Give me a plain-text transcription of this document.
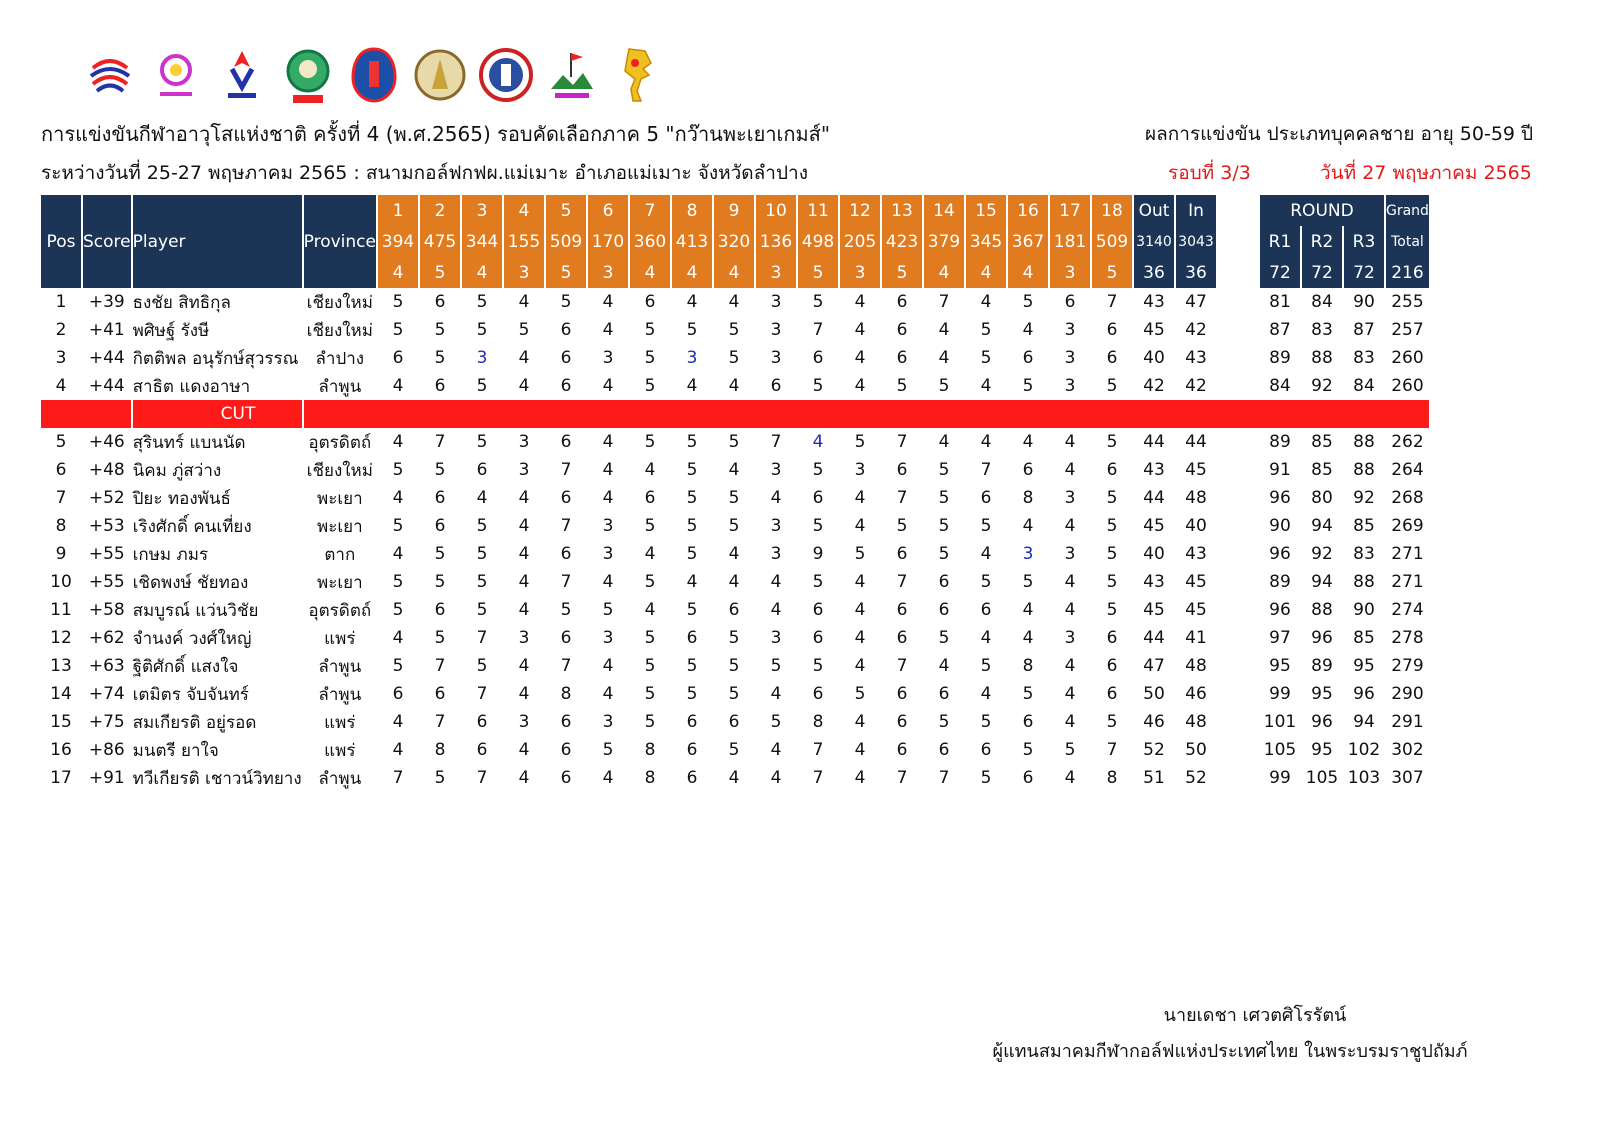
การแข่งขันกีฬาอาวุโสแห่งชาติ ครั้งที่ 4 (พ.ศ.2565) รอบคัดเลือกภาค 5 "กว๊านพะเยาเกมส์"	ผลการแข่งขัน ประเภทบุคคลชาย อายุ 50-59 ปี
ระหว่างวันที่ 25-27 พฤษภาคม 2565 : สนามกอล์ฟกฟผ.แม่เมาะ อำเภอแม่เมาะ จังหวัดลำปาง	รอบที่ 3/3	วันที่ 27 พฤษภาคม 2565
Pos	Score	Player	Province	1	2	3	4	5	6	7	8	9	10	11	12	13	14	15	16	17	18	Out	In		ROUND			Grand
				394	475	344	155	509	170	360	413	320	136	498	205	423	379	345	367	181	509	3140	3043		R1	R2	R3	Total
				4	5	4	3	5	3	4	4	4	3	5	3	5	4	4	4	3	5	36	36		72	72	72	216
1	+39	ธงชัย สิทธิกุล	เชียงใหม่	5	6	5	4	5	4	6	4	4	3	5	4	6	7	4	5	6	7	43	47		81	84	90	255
2	+41	พศิษฐ์ รังษี	เชียงใหม่	5	5	5	5	6	4	5	5	5	3	7	4	6	4	5	4	3	6	45	42		87	83	87	257
3	+44	กิตติพล อนุรักษ์สุวรรณ	ลำปาง	6	5	3	4	6	3	5	3	5	3	6	4	6	4	5	6	3	6	40	43		89	88	83	260
4	+44	สาธิต แดงอาษา	ลำพูน	4	6	5	4	6	4	5	4	4	6	5	4	5	5	4	5	3	5	42	42		84	92	84	260
		CUT																										
5	+46	สุรินทร์ แบนนัด	อุตรดิตถ์	4	7	5	3	6	4	5	5	5	7	4	5	7	4	4	4	4	5	44	44		89	85	88	262
6	+48	นิคม ภู่สว่าง	เชียงใหม่	5	5	6	3	7	4	4	5	4	3	5	3	6	5	7	6	4	6	43	45		91	85	88	264
7	+52	ปิยะ ทองพันธ์	พะเยา	4	6	4	4	6	4	6	5	5	4	6	4	7	5	6	8	3	5	44	48		96	80	92	268
8	+53	เริงศักดิ์ คนเที่ยง	พะเยา	5	6	5	4	7	3	5	5	5	3	5	4	5	5	5	4	4	5	45	40		90	94	85	269
9	+55	เกษม ภมร	ตาก	4	5	5	4	6	3	4	5	4	3	9	5	6	5	4	3	3	5	40	43		96	92	83	271
10	+55	เชิดพงษ์ ชัยทอง	พะเยา	5	5	5	4	7	4	5	4	4	4	5	4	7	6	5	5	4	5	43	45		89	94	88	271
11	+58	สมบูรณ์ แว่นวิชัย	อุตรดิตถ์	5	6	5	4	5	5	4	5	6	4	6	4	6	6	6	4	4	5	45	45		96	88	90	274
12	+62	จำนงค์ วงศ์ใหญ่	แพร่	4	5	7	3	6	3	5	6	5	3	6	4	6	5	4	4	3	6	44	41		97	96	85	278
13	+63	ฐิติศักดิ์ แสงใจ	ลำพูน	5	7	5	4	7	4	5	5	5	5	5	4	7	4	5	8	4	6	47	48		95	89	95	279
14	+74	เตมิตร จับจันทร์	ลำพูน	6	6	7	4	8	4	5	5	5	4	6	5	6	6	4	5	4	6	50	46		99	95	96	290
15	+75	สมเกียรติ อยู่รอด	แพร่	4	7	6	3	6	3	5	6	6	5	8	4	6	5	5	6	4	5	46	48		101	96	94	291
16	+86	มนตรี ยาใจ	แพร่	4	8	6	4	6	5	8	6	5	4	7	4	6	6	6	5	5	7	52	50		105	95	102	302
17	+91	ทวีเกียรติ เชาวน์วิทยาง	ลำพูน	7	5	7	4	6	4	8	6	4	4	7	4	7	7	5	6	4	8	51	52		99	105	103	307
นายเดชา เศวตศิโรรัตน์
ผู้แทนสมาคมกีฬากอล์ฟแห่งประเทศไทย ในพระบรมราชูปถัมภ์
